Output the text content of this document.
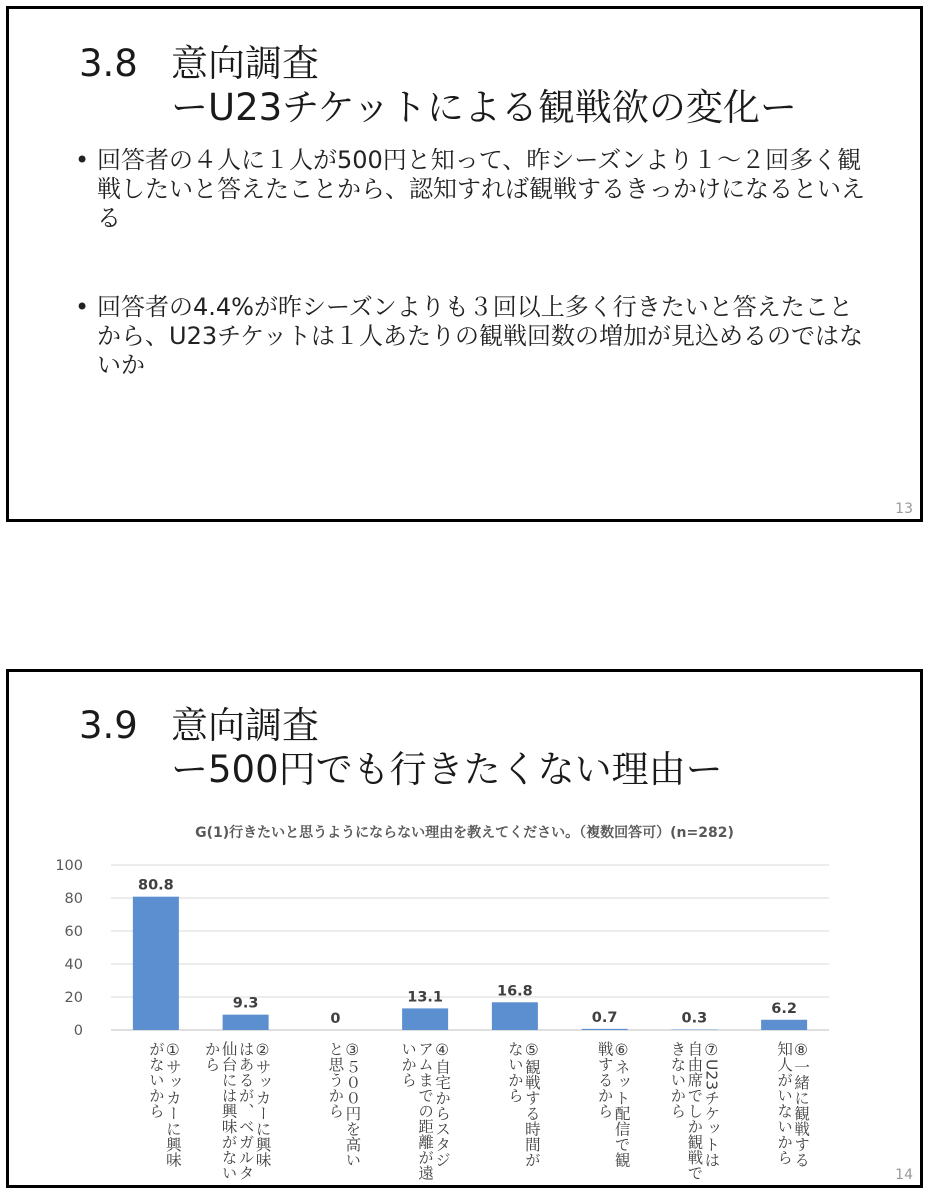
3.8 意向調査
ーU23チケットによる観戦欲の変化ー
• 回答者の４人に１人が500円と知って、昨シーズンより１～２回多く観戦したいと答えたことから、認知すれば観戦するきっかけになるといえる
• 回答者の4.4%が昨シーズンよりも３回以上多く行きたいと答えたことから、U23チケットは１人あたりの観戦回数の増加が見込めるのではないか
13
3.9 意向調査
ー500円でも行きたくない理由ー
G(1)行きたいと思うようにならない理由を教えてください。（複数回答可）(n=282)
0
20
40
60
80
100
80.8
9.3
0
13.1	16.8
0.7	0.3
6.2
①サッカーに興味がないから	②サッカーに興味はあるが、ベガルタ仙台には興味がないから	③５００円を高いと思うから	④自宅からスタジアムまでの距離が遠いから	⑤観戦する時間がないから	⑥ネット配信で観戦するから	⑦U23チケットは自由席でしか観戦できないから	⑧一緒に観戦する知人がいないから
14
